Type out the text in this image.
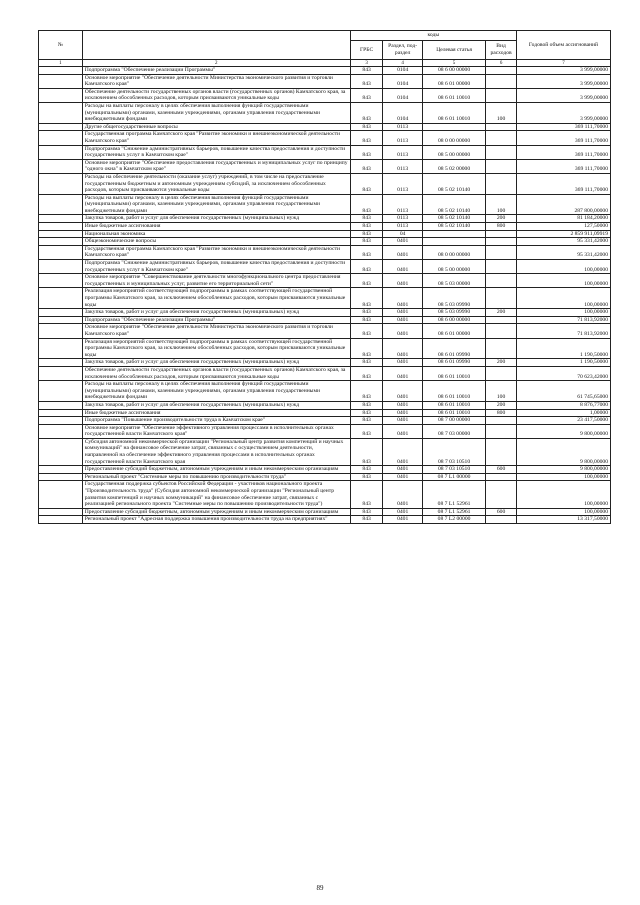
№		коды				Годовой объем ассигнований
		ГРБС	Раздел, под-раздел	Целевая статья	Вид расходов	
1	2	3	4	5	6	7
	Подпрограмма "Обеспечение реализации Программы"	843	0104	08 6 00 00000		3 999,00000
	Основное мероприятие "Обеспечение деятельности Министерства экономического развития и торговли Камчатского края"	843	0104	08 6 01 00000		3 999,00000
	Обеспечение деятельности государственных органов власти (государственных органов) Камчатского края, за исключением обособленных расходов, которым присваиваются уникальные коды	843	0104	08 6 01 10010		3 999,00000
	Расходы на выплаты персоналу в целях обеспечения выполнения функций государственными (муниципальными) органами, казенными учреждениями, органами управления государственными внебюджетными фондами	843	0104	08 6 01 10010	100	3 999,00000
	Другие общегосударственные вопросы	843	0113			369 111,70000
	Государственная программа Камчатского края "Развитие экономики и внешнеэкономической деятельности Камчатского края"	843	0113	08 0 00 00000		369 111,70000
	Подпрограмма "Снижение административных барьеров, повышение качества предоставления и доступности государственных услуг в Камчатском крае"	843	0113	08 5 00 00000		369 111,70000
	Основное мероприятие "Обеспечение предоставления государственных и муниципальных услуг по принципу "одного окна" в Камчатском крае"	843	0113	08 5 02 00000		369 111,70000
	Расходы на обеспечение деятельности (оказание услуг) учреждений, в том числе на предоставление государственным бюджетным и автономным учреждениям субсидий, за исключением обособленных расходов, которым присваиваются уникальные коды	843	0113	08 5 02 10140		369 111,70000
	Расходы на выплаты персоналу в целях обеспечения выполнения функций государственными (муниципальными) органами, казенными учреждениями, органами управления государственными внебюджетными фондами	843	0113	08 5 02 10140	100	287 800,00000
	Закупка товаров, работ и услуг для обеспечения государственных (муниципальных) нужд	843	0113	08 5 02 10140	200	81 184,20000
	Иные бюджетные ассигнования	843	0113	08 5 02 10140	800	127,50000
	Национальная экономика	843	04			2 859 911,09919
	Общеэкономические вопросы	843	0401			95 331,42000
	Государственная программа Камчатского края "Развитие экономики и внешнеэкономической деятельности Камчатского края"	843	0401	08 0 00 00000		95 331,42000
	Подпрограмма "Снижение административных барьеров, повышение качества предоставления и доступности государственных услуг в Камчатском крае"	843	0401	08 5 00 00000		100,00000
	Основное мероприятие "Совершенствование деятельности многофункционального центра предоставления государственных и муниципальных услуг, развитие его территориальной сети"	843	0401	08 5 03 00000		100,00000
	Реализация мероприятий соответствующей подпрограммы в рамках соответствующей государственной программы Камчатского края, за исключением обособленных расходов, которым присваиваются уникальные коды	843	0401	08 5 03 09990		100,00000
	Закупка товаров, работ и услуг для обеспечения государственных (муниципальных) нужд	843	0401	08 5 03 09990	200	100,00000
	Подпрограмма "Обеспечение реализации Программы"	843	0401	08 6 00 00000		71 813,92000
	Основное мероприятие "Обеспечение деятельности Министерства экономического развития и торговли Камчатского края"	843	0401	08 6 01 00000		71 813,92000
	Реализация мероприятий соответствующей подпрограммы в рамках соответствующей государственной программы Камчатского края, за исключением обособленных расходов, которым присваиваются уникальные коды	843	0401	08 6 01 09990		1 190,50000
	Закупка товаров, работ и услуг для обеспечения государственных (муниципальных) нужд	843	0401	08 6 01 09990	200	1 190,50000
	Обеспечение деятельности государственных органов власти (государственных органов) Камчатского края, за исключением обособленных расходов, которым присваиваются уникальные коды	843	0401	08 6 01 10010		70 623,42000
	Расходы на выплаты персоналу в целях обеспечения выполнения функций государственными (муниципальными) органами, казенными учреждениями, органами управления государственными внебюджетными фондами	843	0401	08 6 01 10010	100	61 745,65000
	Закупка товаров, работ и услуг для обеспечения государственных (муниципальных) нужд	843	0401	08 6 01 10010	200	8 876,77000
	Иные бюджетные ассигнования	843	0401	08 6 01 10010	800	1,00000
	Подпрограмма "Повышение производительности труда в Камчатском крае"	843	0401	08 7 00 00000		23 417,50000
	Основное мероприятие "Обеспечение эффективного управления процессами в исполнительных органах государственной власти Камчатского края"	843	0401	08 7 03 00000		9 800,00000
	Субсидия автономной некоммерческой организации "Региональный центр развития компетенций и научных коммуникаций" на финансовое обеспечение затрат, связанных с осуществлением деятельности, направленной на обеспечение эффективного управления процессами в исполнительных органах государственной власти Камчатского края	843	0401	08 7 03 10510		9 800,00000
	Предоставление субсидий бюджетным, автономным учреждениям и иным некоммерческим организациям	843	0401	08 7 03 10510	600	9 800,00000
	Региональный проект "Системные меры по повышению производительности труда"	843	0401	08 7 L1 00000		100,00000
	Государственная поддержка субъектов Российской Федерации - участников национального проекта "Производительность труда" (Субсидия автономной некоммерческой организации "Региональный центр развития компетенций и научных коммуникаций" на финансовое обеспечение затрат, связанных с реализацией регионального проекта "Системные меры по повышению производительности труда")	843	0401	08 7 L1 52961		100,00000
	Предоставление субсидий бюджетным, автономным учреждениям и иным некоммерческим организациям	843	0401	08 7 L1 52961	600	100,00000
	Региональный проект "Адресная поддержка повышения производительности труда на предприятиях"	843	0401	08 7 L2 00000		13 317,50000
89
